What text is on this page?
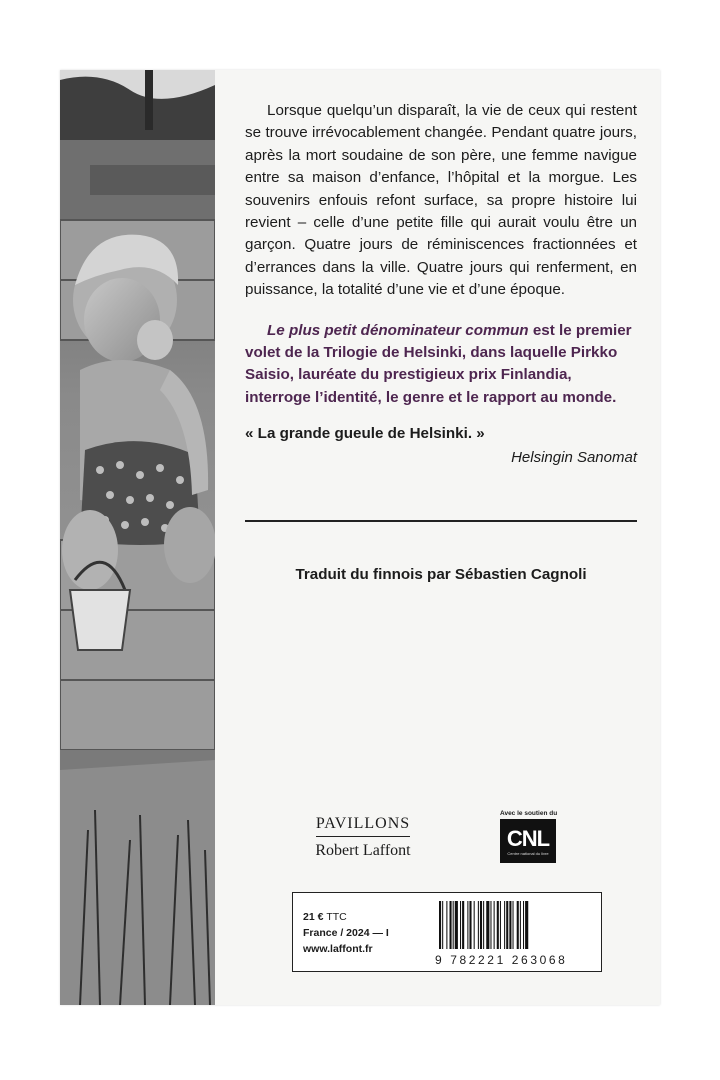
Lorsque quelqu’un disparaît, la vie de ceux qui restent se trouve irrévocablement changée. Pendant quatre jours, après la mort soudaine de son père, une femme navigue entre sa maison d’enfance, l’hôpital et la morgue. Les souvenirs enfouis refont surface, sa propre histoire lui revient – celle d’une petite fille qui aurait voulu être un garçon. Quatre jours de réminiscences fractionnées et d’errances dans la ville. Quatre jours qui renferment, en puissance, la totalité d’une vie et d’une époque.

Le plus petit dénominateur commun est le premier volet de la Trilogie de Helsinki, dans laquelle Pirkko Saisio, lauréate du prestigieux prix Finlandia, interroge l’identité, le genre et le rapport au monde.

« La grande gueule de Helsinki. »

Helsingin Sanomat
Traduit du finnois par Sébastien Cagnoli
PAVILLONS
Robert Laffont
Avec le soutien du
CNL
Centre national du livre
21 € TTC
France / 2024 — I
www.laffont.fr
9 782221 263068
